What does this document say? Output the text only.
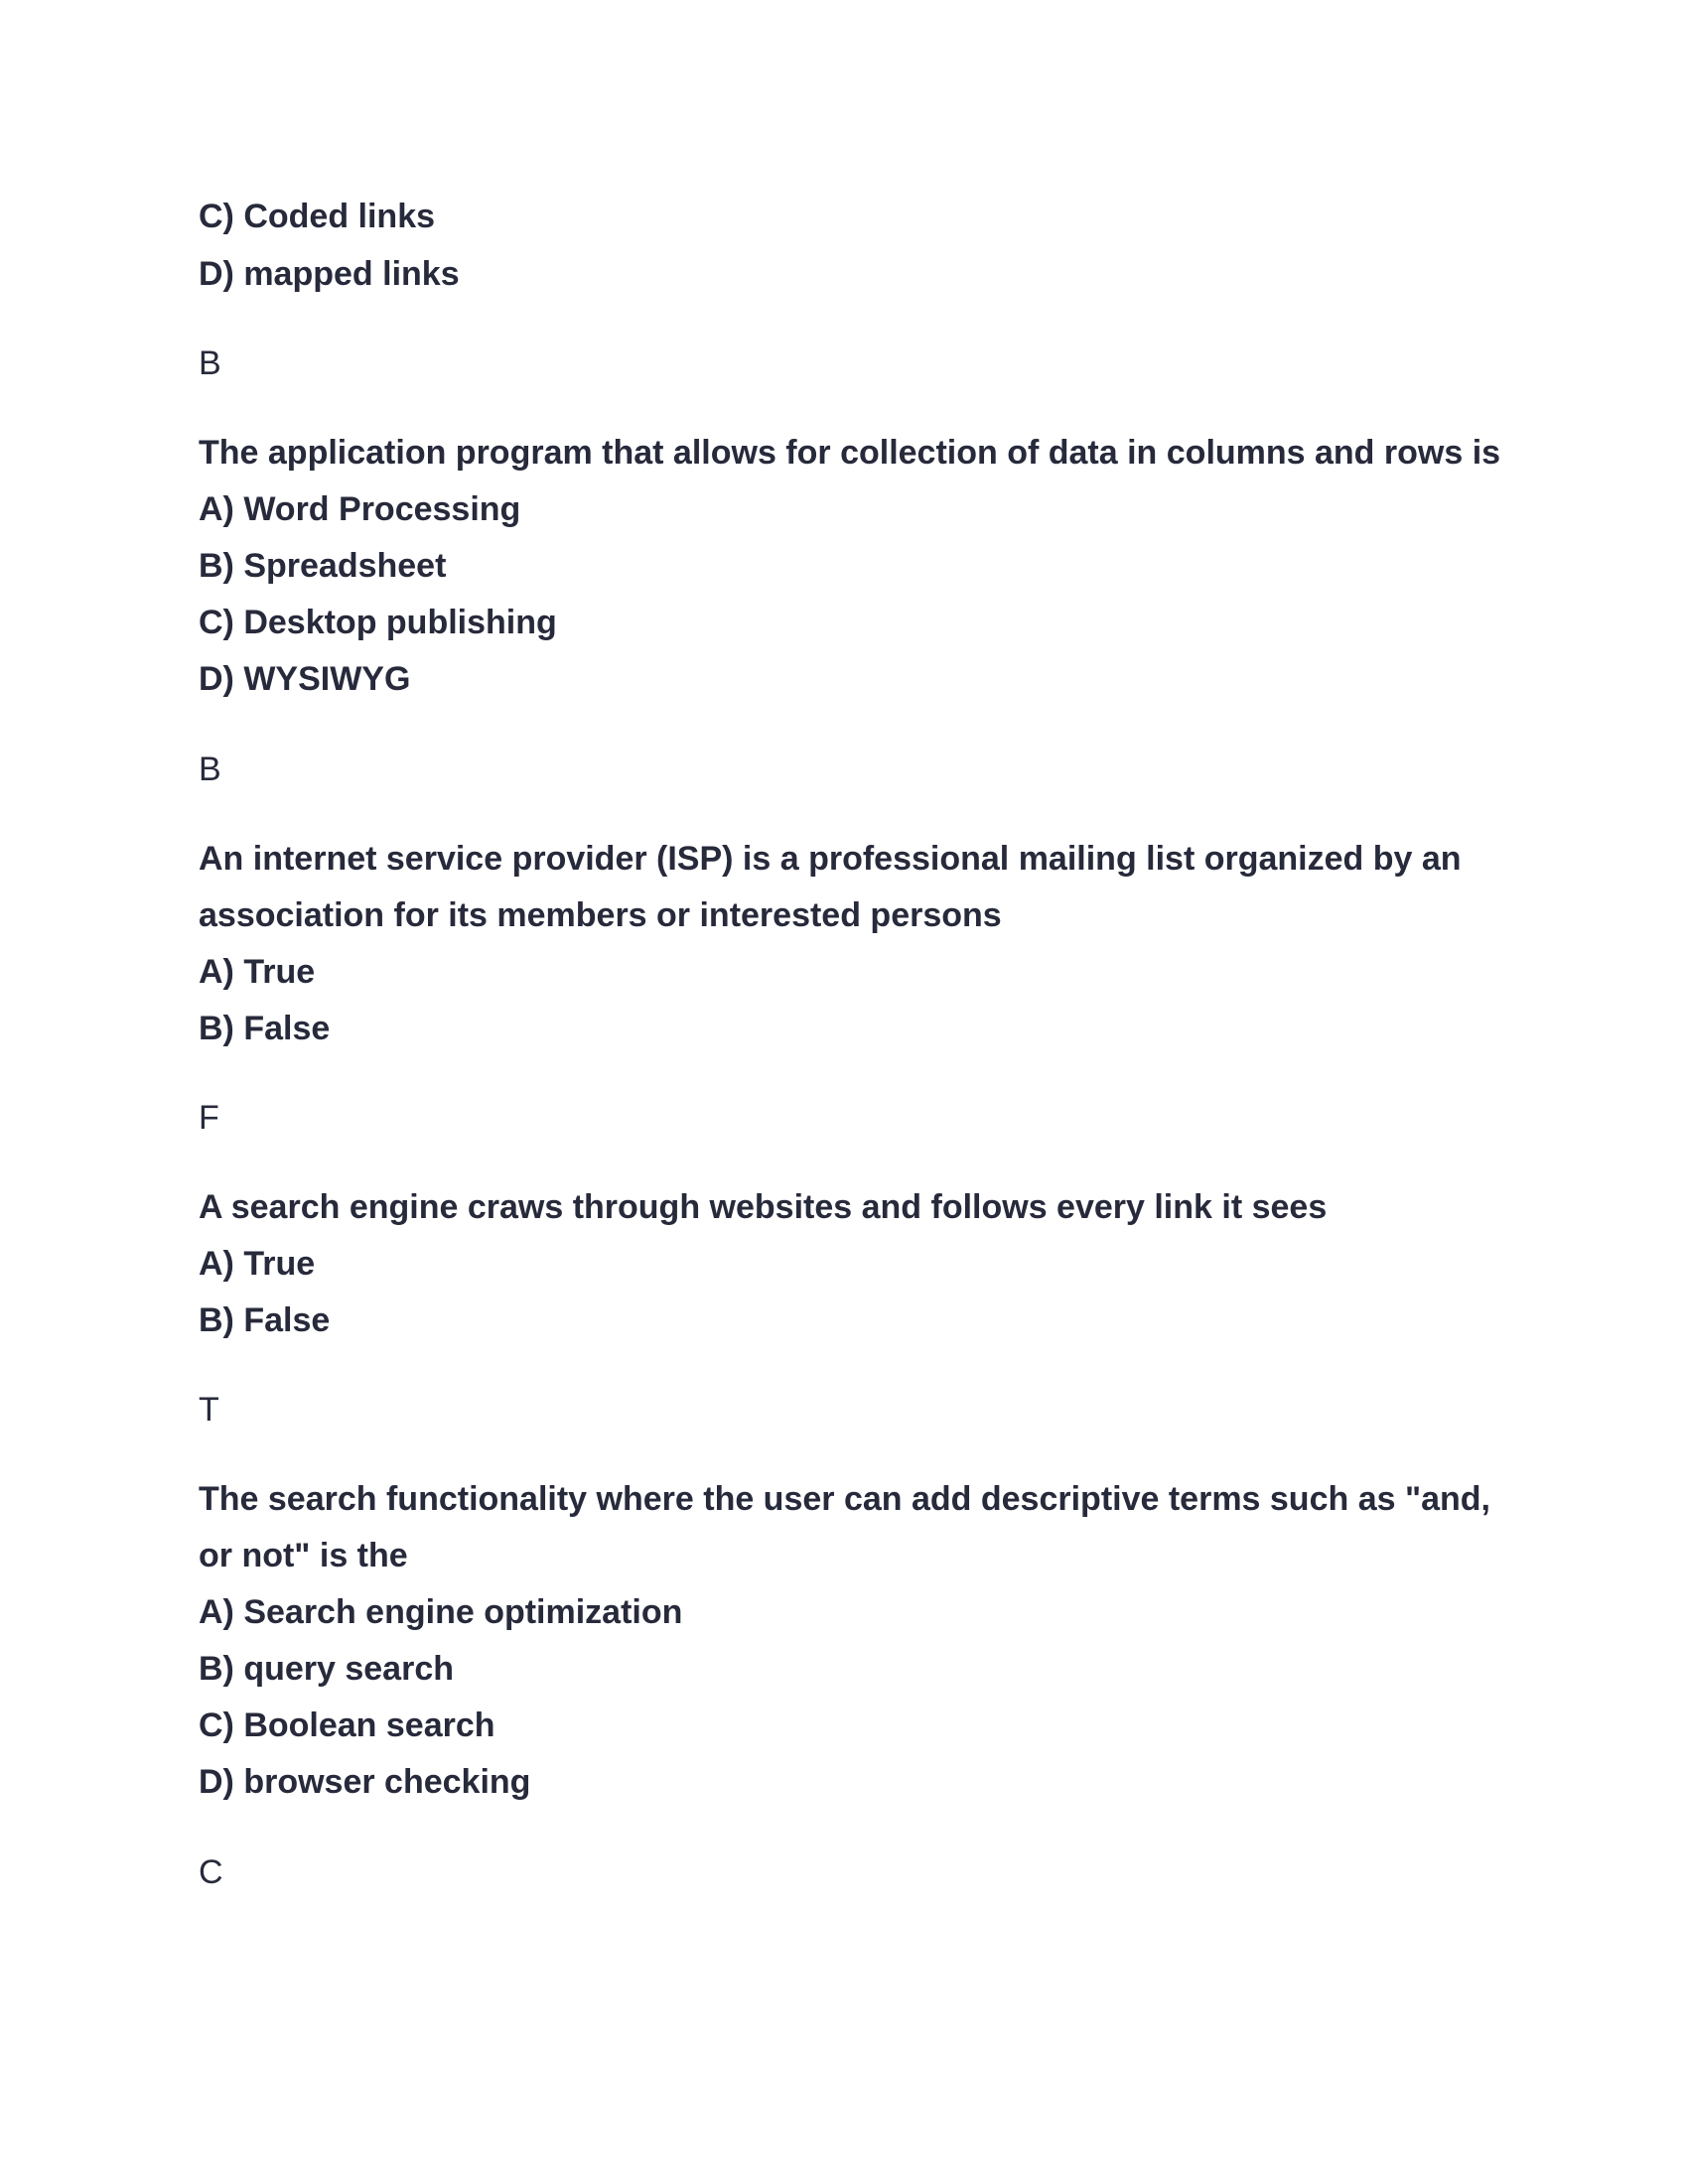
C) Coded links
D) mapped links
B
The application program that allows for collection of data in columns and rows is
A) Word Processing
B) Spreadsheet
C) Desktop publishing
D) WYSIWYG
B
An internet service provider (ISP) is a professional mailing list organized by an
association for its members or interested persons
A) True
B) False
F
A search engine craws through websites and follows every link it sees
A) True
B) False
T
The search functionality where the user can add descriptive terms such as "and,
or not" is the
A) Search engine optimization
B) query search
C) Boolean search
D) browser checking
C
